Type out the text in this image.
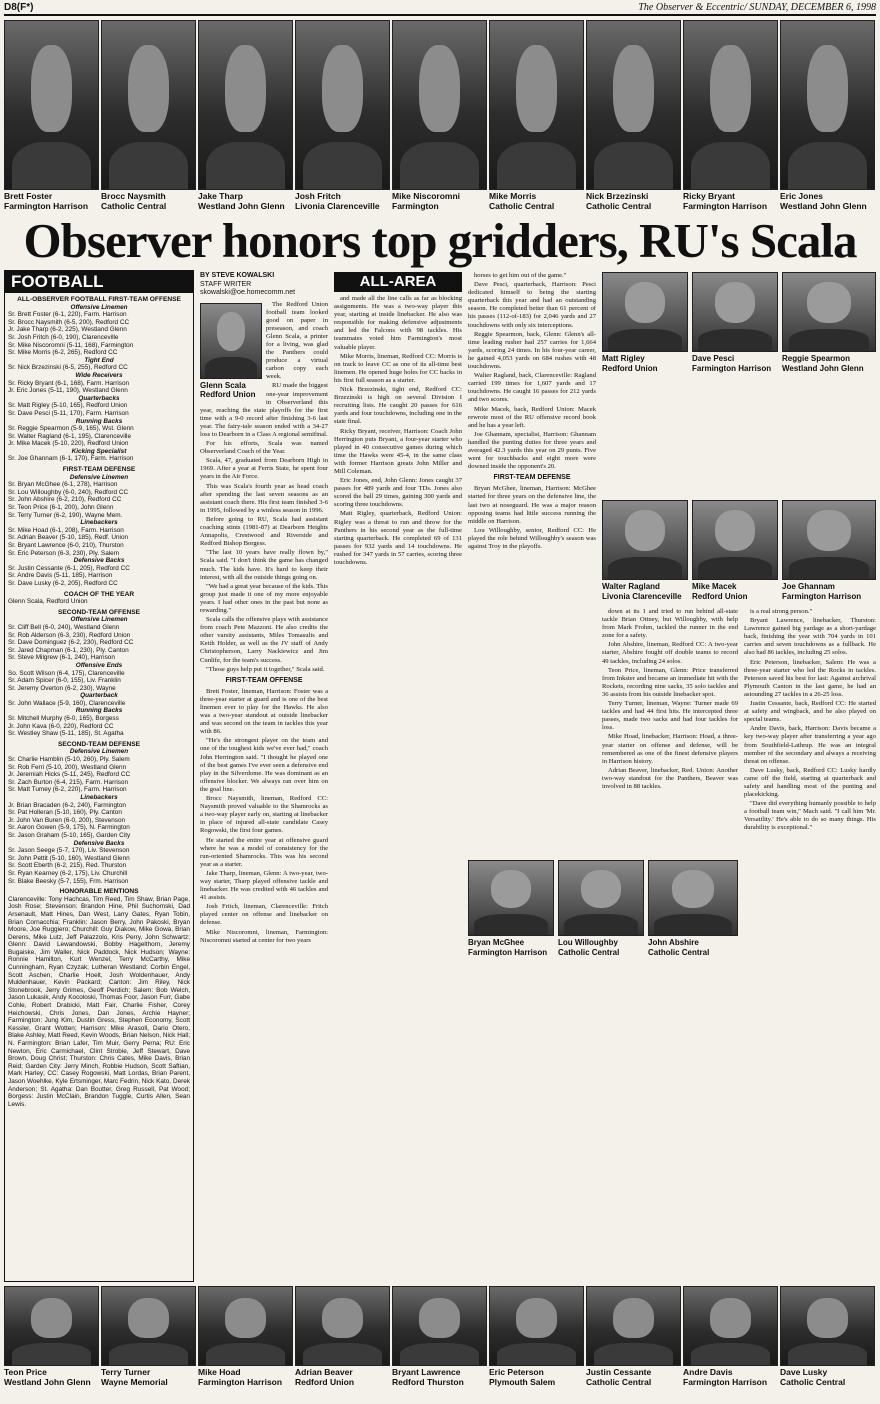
D8(F*)	The Observer & Eccentric/ SUNDAY, DECEMBER 6, 1998
Brett Foster
Farmington Harrison
Brocc Naysmith
Catholic Central
Jake Tharp
Westland John Glenn
Josh Fritch
Livonia Clarenceville
Mike Niscoromni
Farmington
Mike Morris
Catholic Central
Nick Brzezinski
Catholic Central
Ricky Bryant
Farmington Harrison
Eric Jones
Westland John Glenn
Observer honors top gridders, RU's Scala
FOOTBALL
ALL-OBSERVER FOOTBALL FIRST-TEAM OFFENSE
Offensive Linemen
Sr. Brett Foster (6-1, 220), Farm. Harrison
Sr. Brocc Naysmith (6-5, 200), Redford CC
Jr. Jake Tharp (6-2, 225), Westland Glenn
Sr. Josh Fritch (6-0, 190), Clarenceville
Sr. Mike Niscoromni (5-11, 168), Farmington
Sr. Mike Morris (6-2, 265), Redford CC
Tight End
Sr. Nick Brzezinski (6-5, 255), Redford CC
Wide Receivers
Sr. Ricky Bryant (6-1, 168), Farm. Harrison
Jr. Eric Jones (5-11, 190), Westland Glenn
Quarterbacks
Sr. Matt Rigley (5-10, 165), Redford Union
Sr. Dave Pesci (5-11, 170), Farm. Harrison
Running Backs
Sr. Reggie Spearmon (5-9, 165), Wst. Glenn
Sr. Walter Ragland (6-1, 195), Clarenceville
Jr. Mike Macek (5-10, 220), Redford Union
Kicking Specialist
Sr. Joe Ghannam (6-1, 170), Farm. Harrison
FIRST-TEAM DEFENSE
Defensive Linemen
Sr. Bryan McGhee (6-1, 278), Harrison
Sr. Lou Willoughby (6-0, 240), Redford CC
Sr. John Abshire (6-2, 210), Redford CC
Sr. Teon Price (6-1, 200), John Glenn
Sr. Terry Turner (6-2, 190), Wayne Mem.
Linebackers
Sr. Mike Hoad (6-1, 208), Farm. Harrison
Sr. Adrian Beaver (5-10, 185), Redf. Union
Sr. Bryant Lawrence (6-0, 210), Thurston
Sr. Eric Peterson (6-3, 230), Ply. Salem
Defensive Backs
Sr. Justin Cessante (6-1, 205), Redford CC
Sr. Andre Davis (5-11, 185), Harrison
Sr. Dave Lusky (6-2, 205), Redford CC
COACH OF THE YEAR
Glenn Scala, Redford Union
SECOND-TEAM OFFENSE
Offensive Linemen
Sr. Cliff Bell (6-0, 240), Westland Glenn
Sr. Rob Alderson (6-3, 230), Redford Union
Sr. Dave Dominguez (6-2, 230), Redford CC
Sr. Jared Chapman (6-1, 230), Ply. Canton
Sr. Steve Milgrew (6-1, 240), Harrison
Offensive Ends
So. Scott Wilson (6-4, 175), Clarenceville
Sr. Adam Spicer (6-0, 155), Liv. Franklin
Sr. Jeremy Overton (6-2, 230), Wayne
Quarterback
Sr. John Wallace (5-9, 160), Clarenceville
Running Backs
Sr. Mitchell Murphy (6-0, 165), Borgess
Jr. John Kava (6-0, 220), Redford CC
Sr. Westley Shaw (5-11, 185), St. Agatha
SECOND-TEAM DEFENSE
Defensive Linemen
Sr. Charlie Hamblin (5-10, 260), Ply. Salem
Sr. Rob Ferri (5-10, 200), Westland Glenn
Jr. Jeremiah Hicks (5-11, 245), Redford CC
Sr. Zach Burton (6-4, 215), Farm. Harrison
Sr. Matt Tumey (6-2, 220), Farm. Harrison
Linebackers
Jr. Brian Bracaden (6-2, 240), Farmington
Sr. Pat Holleran (5-10, 160), Ply. Canton
Jr. John Van Buren (6-0, 200), Stevenson
Sr. Aaron Gowen (5-9, 175), N. Farmington
Sr. Jason Graham (5-10, 165), Garden City
Defensive Backs
Sr. Jason Seege (5-7, 170), Liv. Stevenson
Sr. John Pettit (5-10, 160), Westland Glenn
Sr. Scott Eberth (6-2, 215), Red. Thurston
Sr. Ryan Kearney (6-2, 175), Liv. Churchill
Sr. Blake Beesky (5-7, 155), Frm. Harrison
HONORABLE MENTIONS
Clarenceville: Tony Hachcas, Tim Reed, Tim Shaw, Brian Page, Josh Rose; Stevenson: Brandon Hine, Phil Suchomski, Dad Arsenault, Matt Hines, Dan West, Larry Gates, Ryan Tobin, Brian Cornacchia; Franklin: Jason Berry, John Pakoski, Bryan Moore, Joe Ruggiero; Churchill: Guy Diakow, Mike Gowa, Brian Derens, Mike Lutz, Jeff Palazzolo, Kris Perry, John Schwartz; Glenn: David Lewandowski, Bobby Hagelthorn, Jeremy Bugaiske, Jim Waller, Nick Paddock, Nick Hudson; Wayne: Ronnie Hamilton, Kurt Wenzel, Terry McCarthy, Mike Cunningham, Ryan Czyzak; Lutheran Westland: Corbin Engel, Scott Aschen, Charlie Hoelt, Josh Woldenhauer, Andy Muldenhauer, Kevin Packard; Canton: Jim Riley, Nick Stonebrook, Jerry Grimes, Geoff Perdich; Salem: Bob Welch, Jason Lukasik, Andy Kocoloski, Thomas Foor, Jason Furr, Gabe Cohle, Robert Drabicki, Matt Fair, Charlie Fisher, Corey Heichowski, Chris Jones, Dan Jones, Archie Hayner; Farmington: Jung Kim, Dustin Gress, Stephen Economy, Scott Kessler, Grant Wotten; Harrison: Mike Arasoll, Dario Otero, Blake Ashley, Matt Reed, Kevin Woods, Brian Nelson, Nick Hall; N. Farmington: Brian Lafer, Tim Muir, Gerry Perna; RU: Eric Newton, Eric Carmichael, Clint Strobie, Jeff Stewart, Dave Brown, Doug Christ; Thurston: Chris Cates, Mike Davis, Brian Reid; Garden City: Jerry Minch, Robbie Hudson, Scott Saftian, Mark Harley; CC: Casey Rogowski, Matt Lordas, Brian Parent, Jason Woehlke, Kyle Ertsminger, Marc Fedrin, Nick Kato, Derek Anderson; St. Agatha: Dan Boutter, Greg Russell, Pat Wood; Borgess: Justin McClain, Brandon Tuggle, Curtis Allen, Sean Lewis.
BY STEVE KOWALSKI
STAFF WRITER
skowalski@oe.homecomm.net
Glenn Scala
Redford Union

The Redford Union football team looked good on paper in preseason, and coach Glenn Scala, a printer for a living, was glad the Panthers could produce a virtual carbon copy each week.

RU made the biggest one-year improvement in Observerland this year, reaching the state playoffs for the first time with a 9-0 record after finishing 3-6 last year. The fairy-tale season ended with a 34-27 loss to Dearborn in a Class A regional semifinal.

For his efforts, Scala was named Observerland Coach of the Year.

Scala, 47, graduated from Dearborn High in 1969. After a year at Ferris State, he spent four years in the Air Force.

This was Scala's fourth year as head coach after spending the last seven seasons as an assistant coach there. His first team finished 3-6 in 1995, followed by a winless season in 1996.

Before going to RU, Scala had assistant coaching stints (1981-87) at Dearborn Heights Annapolis, Crestwood and Riverside and Redford Bishop Borgess.

"The last 10 years have really flown by," Scala said. "I don't think the game has changed much. The kids have. It's hard to keep their interest, with all the outside things going on.

"We had a great year because of the kids. This group just made it one of my more enjoyable years. I had other ones in the past but none as rewarding."

Scala calls the offensive plays with assistance from coach Pete Mazzoni. He also credits the other varsity assistants, Miles Tomasulis and Keith Holder, as well as the JV staff of Andy Christopherson, Larry Nackiewicz and Jim Cunlife, for the team's success.

"Those guys help put it together," Scala said.

FIRST-TEAM OFFENSE

Brett Foster, lineman, Harrison: Foster was a three-year starter at guard and is one of the best linemen ever to play for the Hawks. He also was a two-year standout at outside linebacker and was second on the team in tackles this year with 86.

"He's the strongest player on the team and one of the toughest kids we've ever had," coach John Herrington said. "I thought he played one of the best games I've ever seen a defensive end play in the Silverdome. He was dominant as an offensive blocker. We always ran over him on the goal line.

Brocc Naysmith, lineman, Redford CC: Naysmith proved valuable to the Shamrocks as a two-way player early on, starting at linebacker in place of injured all-state candidate Casey Rogowski, the first four games.

He started the entire year at offensive guard where he was a model of consistency for the run-oriented Shamrocks. This was his second year as a starter.

Jake Tharp, lineman, Glenn: A two-year, two-way starter, Tharp played offensive tackle and linebacker. He was credited with 46 tackles and 41 assists.

Josh Fritch, lineman, Clarenceville: Fritch played center on offense and linebacker on defense.

Mike Niscoromni, lineman, Farmington: Niscoromni started at center for two years

ALL-AREA

and made all the line calls as far as blocking assignments. He was a two-way player this year, starting at inside linebacker. He also was responsible for making defensive adjustments and led the Falcons with 98 tackles. His teammates voted him Farmington's most valuable player.

Mike Morris, lineman, Redford CC: Morris is on track to leave CC as one of its all-time best linemen. He opened huge holes for CC backs in his first full season as a starter.

Nick Brzezinski, tight end, Redford CC: Brzezinski is high on several Division I recruiting lists. He caught 20 passes for 616 yards and four touchdowns, including one in the state final.

Ricky Bryant, receiver, Harrison: Coach John Herrington puts Bryant, a four-year starter who played in 40 consecutive games during which time the Hawks were 45-4, in the same class with former Harrison greats John Miller and Mill Coleman.

Eric Jones, end, John Glenn: Jones caught 37 passes for 489 yards and four TDs. Jones also scored the ball 29 times, gaining 300 yards and scoring three touchdowns.

Matt Rigley, quarterback, Redford Union: Rigley was a threat to run and throw for the Panthers in his second year as the full-time starting quarterback. He completed 69 of 131 passes for 932 yards and 14 touchdowns. He rushed for 347 yards in 57 carries, scoring three touchdowns.

horses to get him out of the game."

Dave Pesci, quarterback, Harrison: Pesci dedicated himself to being the starting quarterback this year and had an outstanding season. He completed better than 61 percent of his passes (112-of-183) for 2,046 yards and 27 touchdowns with only six interceptions.

Reggie Spearmon, back, Glenn: Glenn's all-time leading rusher had 257 carries for 1,664 yards, scoring 24 times. In his four-year career, he gained 4,053 yards on 684 rushes with 48 touchdowns.

Walter Ragland, back, Clarenceville: Ragland carried 199 times for 1,607 yards and 17 touchdowns. He caught 16 passes for 212 yards and two scores.

Mike Macek, back, Redford Union: Macek rewrote most of the RU offensive record book and he has a year left.

Joe Ghannam, specialist, Harrison: Ghannam handled the punting duties for three years and averaged 42.3 yards this year on 29 punts. Five went for touchbacks and eight more were downed inside the opponent's 20.

FIRST-TEAM DEFENSE

Bryan McGhee, lineman, Harrison: McGhee started for three years on the defensive line, the last two at noseguard. He was a major reason opposing teams had little success running the middle on Harrison.

Lou Willoughby, senior, Redford CC: He played the role behind Willoughby's season was against Troy in the playoffs.

Matt Rigley
Redford Union
Dave Pesci
Farmington Harrison
Reggie Spearmon
Westland John Glenn
Walter Ragland
Livonia Clarenceville
Mike Macek
Redford Union
Joe Ghannam
Farmington Harrison

down at its 1 and tried to run behind all-state tackle Brian Ottney, but Willoughby, with help from Mark Frohm, tackled the runner in the end zone for a safety.

John Abshire, lineman, Redford CC: A two-year starter, Abshire fought off double teams to record 49 tackles, including 24 solos.

Teon Price, lineman, Glenn: Price transferred from Inkster and became an immediate hit with the Rockets, recording nine sacks, 35 solo tackles and 36 assists from his outside linebacker spot.

Terry Turner, lineman, Wayne: Turner made 69 tackles and had 44 first hits. He intercepted three passes, made two sacks and had four tackles for loss.

Mike Hoad, linebacker, Harrison: Hoad, a three-year starter on offense and defense, will be remembered as one of the finest defensive players in Harrison history.

Adrian Beaver, linebacker, Red. Union: Another two-way standout for the Panthers, Beaver was involved in 88 tackles.

is a real strong person."

Bryant Lawrence, linebacker, Thurston: Lawrence gained big yardage as a short-yardage back, finishing the year with 704 yards in 101 carries and seven touchdowns as a fullback. He also had 86 tackles, including 25 solos.

Eric Peterson, linebacker, Salem: He was a three-year starter who led the Rocks in tackles. Peterson saved his best for last: Against archrival Plymouth Canton in the last game, he had an astounding 27 tackles in a 26-25 loss.

Justin Cessante, back, Redford CC: He started at safety and wingback, and he also played on special teams.

Andre Davis, back, Harrison: Davis became a key two-way player after transferring a year ago from Southfield-Lathrup. He was an integral member of the secondary and always a receiving threat on offense.

Dave Lusky, back, Redford CC: Lusky hardly came off the field, starting at quarterback and safety and handling most of the punting and placekicking.

"Dave did everything humanly possible to help a football team win," Mach said. "I call him 'Mr. Versatility.' He's able to do so many things. His durability is exceptional."

Bryan McGhee
Farmington Harrison
Lou Willoughby
Catholic Central
John Abshire
Catholic Central
Teon Price
Westland John Glenn
Terry Turner
Wayne Memorial
Mike Hoad
Farmington Harrison
Adrian Beaver
Redford Union
Bryant Lawrence
Redford Thurston
Eric Peterson
Plymouth Salem
Justin Cessante
Catholic Central
Andre Davis
Farmington Harrison
Dave Lusky
Catholic Central
